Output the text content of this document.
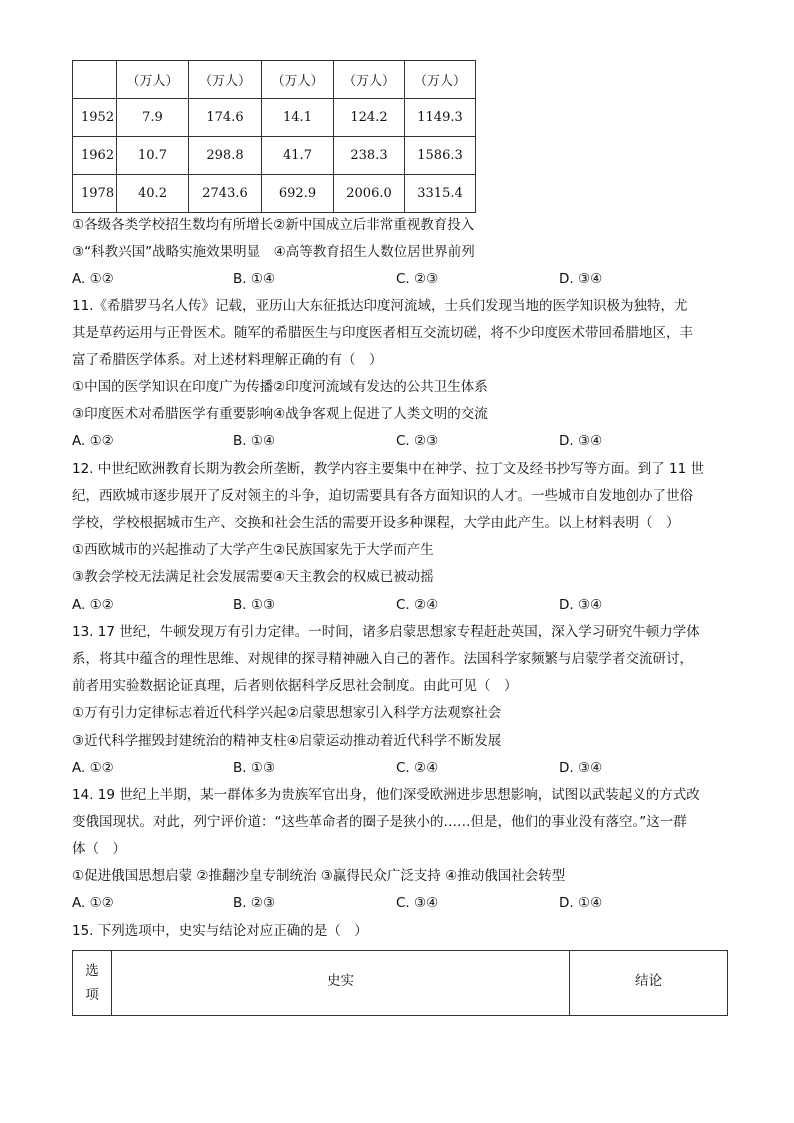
	（万人）	（万人）	（万人）	（万人）	（万人）
1952	7.9	174.6	14.1	124.2	1149.3
1962	10.7	298.8	41.7	238.3	1586.3
1978	40.2	2743.6	692.9	2006.0	3315.4
①各级各类学校招生数均有所增长②新中国成立后非常重视教育投入
③“科教兴国”战略实施效果明显　④高等教育招生人数位居世界前列
A. ①②	B. ①④	C. ②③	D. ③④
11.《希腊罗马名人传》记载，亚历山大东征抵达印度河流域，士兵们发现当地的医学知识极为独特，尤
其是草药运用与正骨医术。随军的希腊医生与印度医者相互交流切磋，将不少印度医术带回希腊地区，丰
富了希腊医学体系。对上述材料理解正确的有（　）
①中国的医学知识在印度广为传播②印度河流域有发达的公共卫生体系
③印度医术对希腊医学有重要影响④战争客观上促进了人类文明的交流
A. ①②	B. ①④	C. ②③	D. ③④
12. 中世纪欧洲教育长期为教会所垄断，教学内容主要集中在神学、拉丁文及经书抄写等方面。到了 11 世
纪，西欧城市逐步展开了反对领主的斗争，迫切需要具有各方面知识的人才。一些城市自发地创办了世俗
学校，学校根据城市生产、交换和社会生活的需要开设多种课程，大学由此产生。以上材料表明（　）
①西欧城市的兴起推动了大学产生②民族国家先于大学而产生
③教会学校无法满足社会发展需要④天主教会的权威已被动摇
A. ①②	B. ①③	C. ②④	D. ③④
13. 17 世纪，牛顿发现万有引力定律。一时间，诸多启蒙思想家专程赶赴英国，深入学习研究牛顿力学体
系，将其中蕴含的理性思维、对规律的探寻精神融入自己的著作。法国科学家频繁与启蒙学者交流研讨，
前者用实验数据论证真理，后者则依据科学反思社会制度。由此可见（　）
①万有引力定律标志着近代科学兴起②启蒙思想家引入科学方法观察社会
③近代科学摧毁封建统治的精神支柱④启蒙运动推动着近代科学不断发展
A. ①②	B. ①③	C. ②④	D. ③④
14. 19 世纪上半期，某一群体多为贵族军官出身，他们深受欧洲进步思想影响，试图以武装起义的方式改
变俄国现状。对此，列宁评价道：“这些革命者的圈子是狭小的……但是，他们的事业没有落空。”这一群
体（　）
①促进俄国思想启蒙 ②推翻沙皇专制统治 ③赢得民众广泛支持 ④推动俄国社会转型
A. ①②	B. ②③	C. ③④	D. ①④
15. 下列选项中，史实与结论对应正确的是（　）
选
项	史实	结论
